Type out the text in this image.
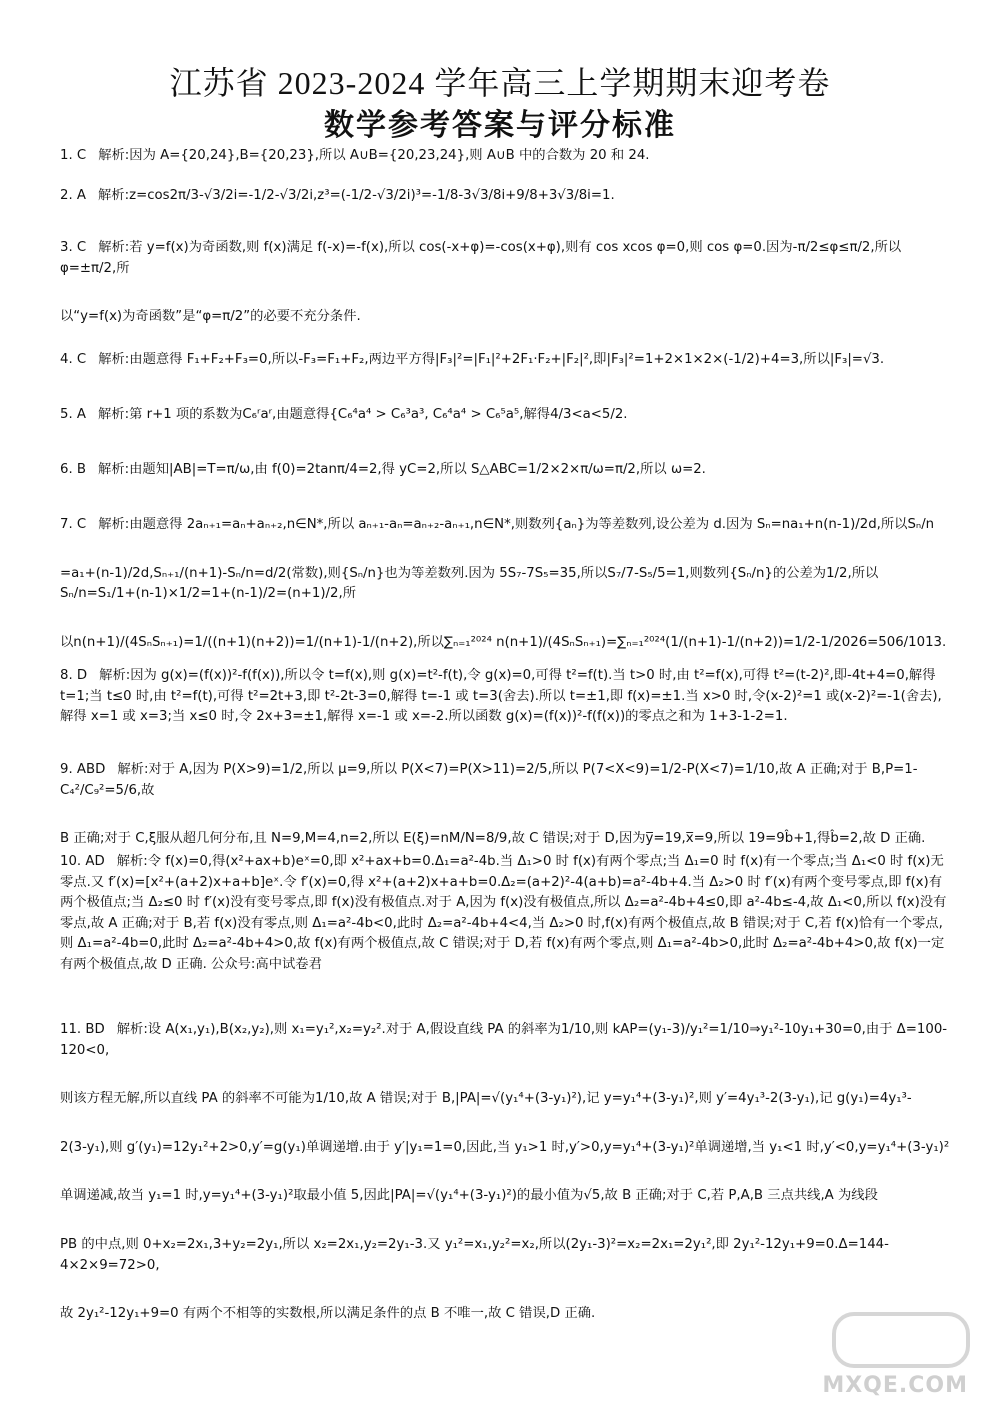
江苏省 2023-2024 学年高三上学期期末迎考卷
数学参考答案与评分标准
1. C 解析:因为 A={20,24},B={20,23},所以 A∪B={20,23,24},则 A∪B 中的合数为 20 和 24.
2. A 解析:z=cos2π/3-√3/2i=-1/2-√3/2i,z³=(-1/2-√3/2i)³=-1/8-3√3/8i+9/8+3√3/8i=1.

3. C 解析:若 y=f(x)为奇函数,则 f(x)满足 f(-x)=-f(x),所以 cos(-x+φ)=-cos(x+φ),则有 cos xcos φ=0,则 cos φ=0.因为-π/2≤φ≤π/2,所以 φ=±π/2,所

以“y=f(x)为奇函数”是“φ=π/2”的必要不充分条件.

4. C 解析:由题意得 F₁+F₂+F₃=0,所以-F₃=F₁+F₂,两边平方得|F₃|²=|F₁|²+2F₁·F₂+|F₂|²,即|F₃|²=1+2×1×2×(-1/2)+4=3,所以|F₃|=√3.
5. A 解析:第 r+1 项的系数为C₆ʳaʳ,由题意得{C₆⁴a⁴ > C₆³a³, C₆⁴a⁴ > C₆⁵a⁵,解得4/3<a<5/2.
6. B 解析:由题知|AB|=T=π/ω,由 f(0)=2tanπ/4=2,得 yC=2,所以 S△ABC=1/2×2×π/ω=π/2,所以 ω=2.

7. C 解析:由题意得 2aₙ₊₁=aₙ+aₙ₊₂,n∈N*,所以 aₙ₊₁-aₙ=aₙ₊₂-aₙ₊₁,n∈N*,则数列{aₙ}为等差数列,设公差为 d.因为 Sₙ=na₁+n(n-1)/2d,所以Sₙ/n

=a₁+(n-1)/2d,Sₙ₊₁/(n+1)-Sₙ/n=d/2(常数),则{Sₙ/n}也为等差数列.因为 5S₇-7S₅=35,所以S₇/7-S₅/5=1,则数列{Sₙ/n}的公差为1/2,所以Sₙ/n=S₁/1+(n-1)×1/2=1+(n-1)/2=(n+1)/2,所

以n(n+1)/(4SₙSₙ₊₁)=1/((n+1)(n+2))=1/(n+1)-1/(n+2),所以∑ₙ₌₁²⁰²⁴ n(n+1)/(4SₙSₙ₊₁)=∑ₙ₌₁²⁰²⁴(1/(n+1)-1/(n+2))=1/2-1/2026=506/1013.

8. D 解析:因为 g(x)=(f(x))²-f(f(x)),所以令 t=f(x),则 g(x)=t²-f(t),令 g(x)=0,可得 t²=f(t).当 t>0 时,由 t²=f(x),可得 t²=(t-2)²,即-4t+4=0,解得 t=1;当 t≤0 时,由 t²=f(t),可得 t²=2t+3,即 t²-2t-3=0,解得 t=-1 或 t=3(舍去).所以 t=±1,即 f(x)=±1.当 x>0 时,令(x-2)²=1 或(x-2)²=-1(舍去),解得 x=1 或 x=3;当 x≤0 时,令 2x+3=±1,解得 x=-1 或 x=-2.所以函数 g(x)=(f(x))²-f(f(x))的零点之和为 1+3-1-2=1.

9. ABD 解析:对于 A,因为 P(X>9)=1/2,所以 μ=9,所以 P(X<7)=P(X>11)=2/5,所以 P(7<X<9)=1/2-P(X<7)=1/10,故 A 正确;对于 B,P=1-C₄²/C₉²=5/6,故

B 正确;对于 C,ξ服从超几何分布,且 N=9,M=4,n=2,所以 E(ξ)=nM/N=8/9,故 C 错误;对于 D,因为y̅=19,x̅=9,所以 19=9b̂+1,得b̂=2,故 D 正确.

10. AD 解析:令 f(x)=0,得(x²+ax+b)eˣ=0,即 x²+ax+b=0.Δ₁=a²-4b.当 Δ₁>0 时 f(x)有两个零点;当 Δ₁=0 时 f(x)有一个零点;当 Δ₁<0 时 f(x)无零点.又 f′(x)=[x²+(a+2)x+a+b]eˣ.令 f′(x)=0,得 x²+(a+2)x+a+b=0.Δ₂=(a+2)²-4(a+b)=a²-4b+4.当 Δ₂>0 时 f′(x)有两个变号零点,即 f(x)有两个极值点;当 Δ₂≤0 时 f′(x)没有变号零点,即 f(x)没有极值点.对于 A,因为 f(x)没有极值点,所以 Δ₂=a²-4b+4≤0,即 a²-4b≤-4,故 Δ₁<0,所以 f(x)没有零点,故 A 正确;对于 B,若 f(x)没有零点,则 Δ₁=a²-4b<0,此时 Δ₂=a²-4b+4<4,当 Δ₂>0 时,f(x)有两个极值点,故 B 错误;对于 C,若 f(x)恰有一个零点,则 Δ₁=a²-4b=0,此时 Δ₂=a²-4b+4>0,故 f(x)有两个极值点,故 C 错误;对于 D,若 f(x)有两个零点,则 Δ₁=a²-4b>0,此时 Δ₂=a²-4b+4>0,故 f(x)一定有两个极值点,故 D 正确. 公众号:高中试卷君

11. BD 解析:设 A(x₁,y₁),B(x₂,y₂),则 x₁=y₁²,x₂=y₂².对于 A,假设直线 PA 的斜率为1/10,则 kAP=(y₁-3)/y₁²=1/10⇒y₁²-10y₁+30=0,由于 Δ=100-120<0,

则该方程无解,所以直线 PA 的斜率不可能为1/10,故 A 错误;对于 B,|PA|=√(y₁⁴+(3-y₁)²),记 y=y₁⁴+(3-y₁)²,则 y′=4y₁³-2(3-y₁),记 g(y₁)=4y₁³-

2(3-y₁),则 g′(y₁)=12y₁²+2>0,y′=g(y₁)单调递增.由于 y′|y₁=1=0,因此,当 y₁>1 时,y′>0,y=y₁⁴+(3-y₁)²单调递增,当 y₁<1 时,y′<0,y=y₁⁴+(3-y₁)²

单调递减,故当 y₁=1 时,y=y₁⁴+(3-y₁)²取最小值 5,因此|PA|=√(y₁⁴+(3-y₁)²)的最小值为√5,故 B 正确;对于 C,若 P,A,B 三点共线,A 为线段

PB 的中点,则 0+x₂=2x₁,3+y₂=2y₁,所以 x₂=2x₁,y₂=2y₁-3.又 y₁²=x₁,y₂²=x₂,所以(2y₁-3)²=x₂=2x₁=2y₁²,即 2y₁²-12y₁+9=0.Δ=144-4×2×9=72>0,

故 2y₁²-12y₁+9=0 有两个不相等的实数根,所以满足条件的点 B 不唯一,故 C 错误,D 正确.

MXQE.COM
